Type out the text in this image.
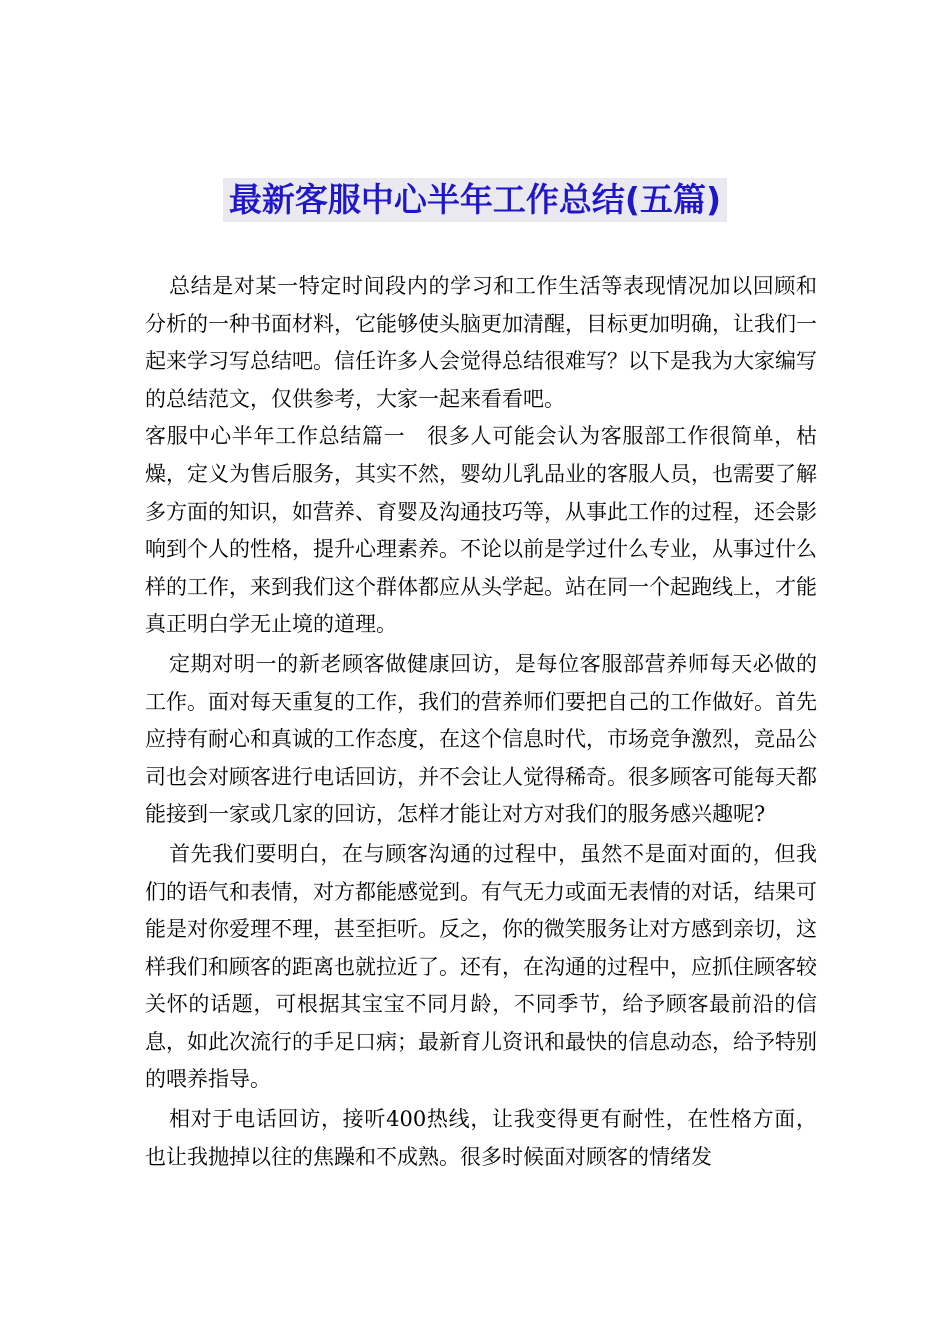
最新客服中心半年工作总结(五篇)

总结是对某一特定时间段内的学习和工作生活等表现情况加以回顾和分析的一种书面材料，它能够使头脑更加清醒，目标更加明确，让我们一起来学习写总结吧。信任许多人会觉得总结很难写？以下是我为大家编写的总结范文，仅供参考，大家一起来看看吧。

客服中心半年工作总结篇一　很多人可能会认为客服部工作很简单，枯燥，定义为售后服务，其实不然，婴幼儿乳品业的客服人员，也需要了解多方面的知识，如营养、育婴及沟通技巧等，从事此工作的过程，还会影响到个人的性格，提升心理素养。不论以前是学过什么专业，从事过什么样的工作，来到我们这个群体都应从头学起。站在同一个起跑线上，才能真正明白学无止境的道理。

定期对明一的新老顾客做健康回访，是每位客服部营养师每天必做的工作。面对每天重复的工作，我们的营养师们要把自己的工作做好。首先应持有耐心和真诚的工作态度，在这个信息时代，市场竞争激烈，竞品公司也会对顾客进行电话回访，并不会让人觉得稀奇。很多顾客可能每天都能接到一家或几家的回访，怎样才能让对方对我们的服务感兴趣呢?

首先我们要明白，在与顾客沟通的过程中，虽然不是面对面的，但我们的语气和表情，对方都能感觉到。有气无力或面无表情的对话，结果可能是对你爱理不理，甚至拒听。反之，你的微笑服务让对方感到亲切，这样我们和顾客的距离也就拉近了。还有，在沟通的过程中，应抓住顾客较关怀的话题，可根据其宝宝不同月龄，不同季节，给予顾客最前沿的信息，如此次流行的手足口病；最新育儿资讯和最快的信息动态，给予特别的喂养指导。

相对于电话回访，接听400热线，让我变得更有耐性，在性格方面，也让我抛掉以往的焦躁和不成熟。很多时候面对顾客的情绪发
